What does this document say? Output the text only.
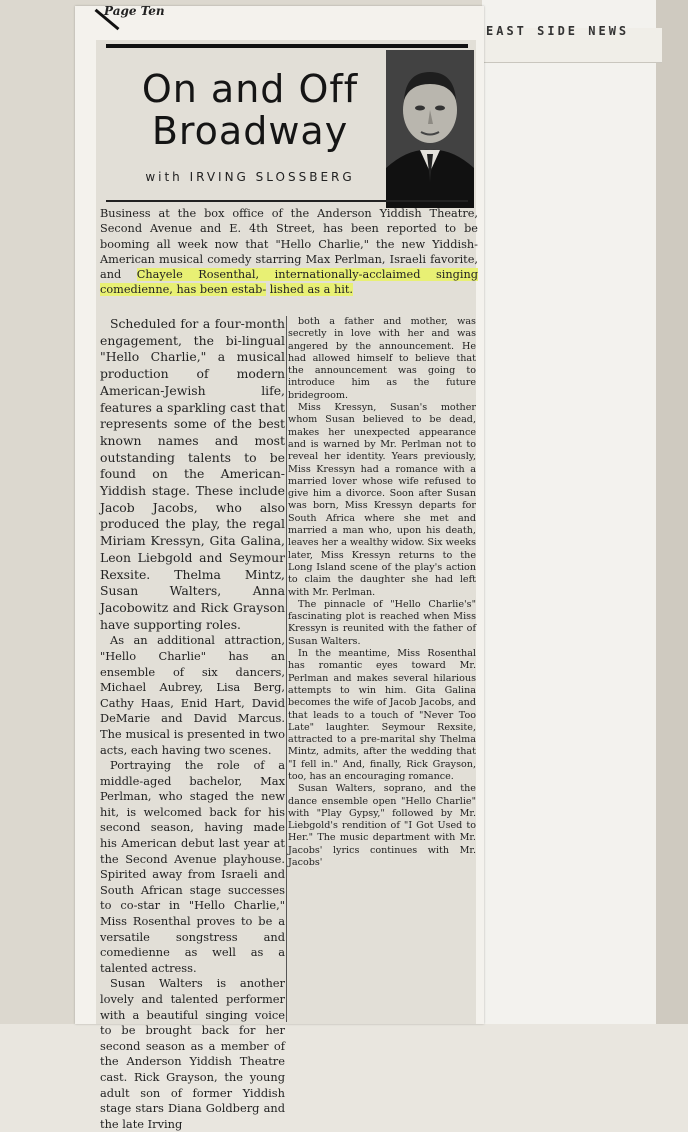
Page Ten
EAST SIDE NEWS
On and Off
Broadway
with IRVING SLOSSBERG
Business at the box office of the Anderson Yiddish Theatre, Second Avenue and E. 4th Street, has been reported to be booming all week now that "Hello Charlie," the new Yiddish-American musical comedy starring Max Perlman, Israeli favorite, and Chayele Rosenthal, internationally-acclaimed singing comedienne, has been estab- lished as a hit.

Scheduled for a four-month engagement, the bi-lingual "Hello Charlie," a musical production of modern American-Jewish life, features a sparkling cast that represents some of the best known names and most outstanding talents to be found on the American-Yiddish stage. These include Jacob Jacobs, who also produced the play, the regal Miriam Kressyn, Gita Galina, Leon Liebgold and Seymour Rexsite. Thelma Mintz, Susan Walters, Anna Jacobowitz and Rick Grayson have supporting roles.

As an additional attraction, "Hello Charlie" has an ensemble of six dancers, Michael Aubrey, Lisa Berg, Cathy Haas, Enid Hart, David DeMarie and David Marcus. The musical is presented in two acts, each having two scenes.

Portraying the role of a middle-aged bachelor, Max Perlman, who staged the new hit, is welcomed back for his second season, having made his American debut last year at the Second Avenue playhouse. Spirited away from Israeli and South African stage successes to co-star in "Hello Charlie," Miss Rosenthal proves to be a versatile songstress and comedienne as well as a talented actress.

Susan Walters is another lovely and talented performer with a beautiful singing voice to be brought back for her second season as a member of the Anderson Yiddish Theatre cast. Rick Grayson, the young adult son of former Yiddish stage stars Diana Goldberg and the late Irving

both a father and mother, was secretly in love with her and was angered by the announcement. He had allowed himself to believe that the announcement was going to introduce him as the future bridegroom.

Miss Kressyn, Susan's mother whom Susan believed to be dead, makes her unexpected appearance and is warned by Mr. Perlman not to reveal her identity. Years previously, Miss Kressyn had a romance with a married lover whose wife refused to give him a divorce. Soon after Susan was born, Miss Kressyn departs for South Africa where she met and married a man who, upon his death, leaves her a wealthy widow. Six weeks later, Miss Kressyn returns to the Long Island scene of the play's action to claim the daughter she had left with Mr. Perlman.

The pinnacle of "Hello Charlie's" fascinating plot is reached when Miss Kressyn is reunited with the father of Susan Walters.

In the meantime, Miss Rosenthal has romantic eyes toward Mr. Perlman and makes several hilarious attempts to win him. Gita Galina becomes the wife of Jacob Jacobs, and that leads to a touch of "Never Too Late" laughter. Seymour Rexsite, attracted to a pre-marital shy Thelma Mintz, admits, after the wedding that "I fell in." And, finally, Rick Grayson, too, has an encouraging romance.

Susan Walters, soprano, and the dance ensemble open "Hello Charlie" with "Play Gypsy," followed by Mr. Liebgold's rendition of "I Got Used to Her." The music department with Mr. Jacobs' lyrics continues with Mr. Jacobs'
